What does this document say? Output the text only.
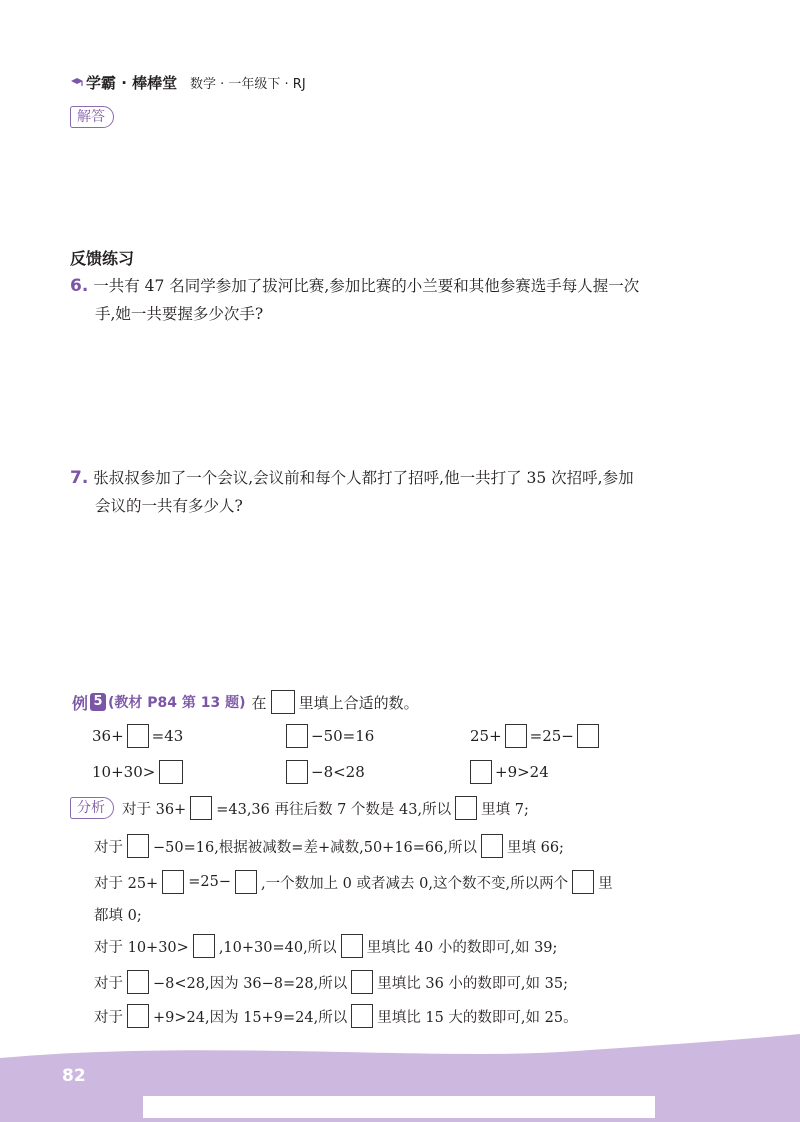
学霸 · 棒棒堂 数学 · 一年级下 · RJ
解答
反馈练习
6. 一共有 47 名同学参加了拔河比赛,参加比赛的小兰要和其他参赛选手每人握一次
手,她一共要握多少次手?
7. 张叔叔参加了一个会议,会议前和每个人都打了招呼,他一共打了 35 次招呼,参加
会议的一共有多少人?
例 5 (教材 P84 第 13 题) 在 里填上合适的数。
36+ =43	−50=16	25+ =25−
10+30>	−8<28	+9>24
分析	对于 36+ =43,36 再往后数 7 个数是 43,所以 里填 7;
对于 −50=16,根据被减数=差+减数,50+16=66,所以 里填 66;
对于 25+ =25− ,一个数加上 0 或者减去 0,这个数不变,所以两个 里
都填 0;
对于 10+30> ,10+30=40,所以 里填比 40 小的数即可,如 39;
对于 −8<28,因为 36−8=28,所以 里填比 36 小的数即可,如 35;
对于 +9>24,因为 15+9=24,所以 里填比 15 大的数即可,如 25。
82
